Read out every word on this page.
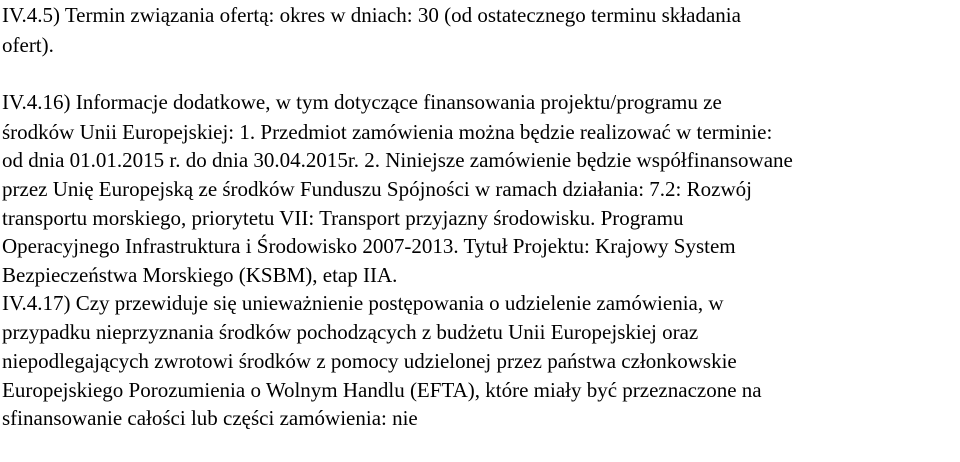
IV.4.5) Termin związania ofertą: okres w dniach: 30 (od ostatecznego terminu składania
ofert).
IV.4.16) Informacje dodatkowe, w tym dotyczące finansowania projektu/programu ze
środków Unii Europejskiej: 1. Przedmiot zamówienia można będzie realizować w terminie:
od dnia 01.01.2015 r. do dnia 30.04.2015r. 2. Niniejsze zamówienie będzie współfinansowane
przez Unię Europejską ze środków Funduszu Spójności w ramach działania: 7.2: Rozwój
transportu morskiego, priorytetu VII: Transport przyjazny środowisku. Programu
Operacyjnego Infrastruktura i Środowisko 2007-2013. Tytuł Projektu: Krajowy System
Bezpieczeństwa Morskiego (KSBM), etap IIA.
IV.4.17) Czy przewiduje się unieważnienie postępowania o udzielenie zamówienia, w
przypadku nieprzyznania środków pochodzących z budżetu Unii Europejskiej oraz
niepodlegających zwrotowi środków z pomocy udzielonej przez państwa członkowskie
Europejskiego Porozumienia o Wolnym Handlu (EFTA), które miały być przeznaczone na
sfinansowanie całości lub części zamówienia: nie
